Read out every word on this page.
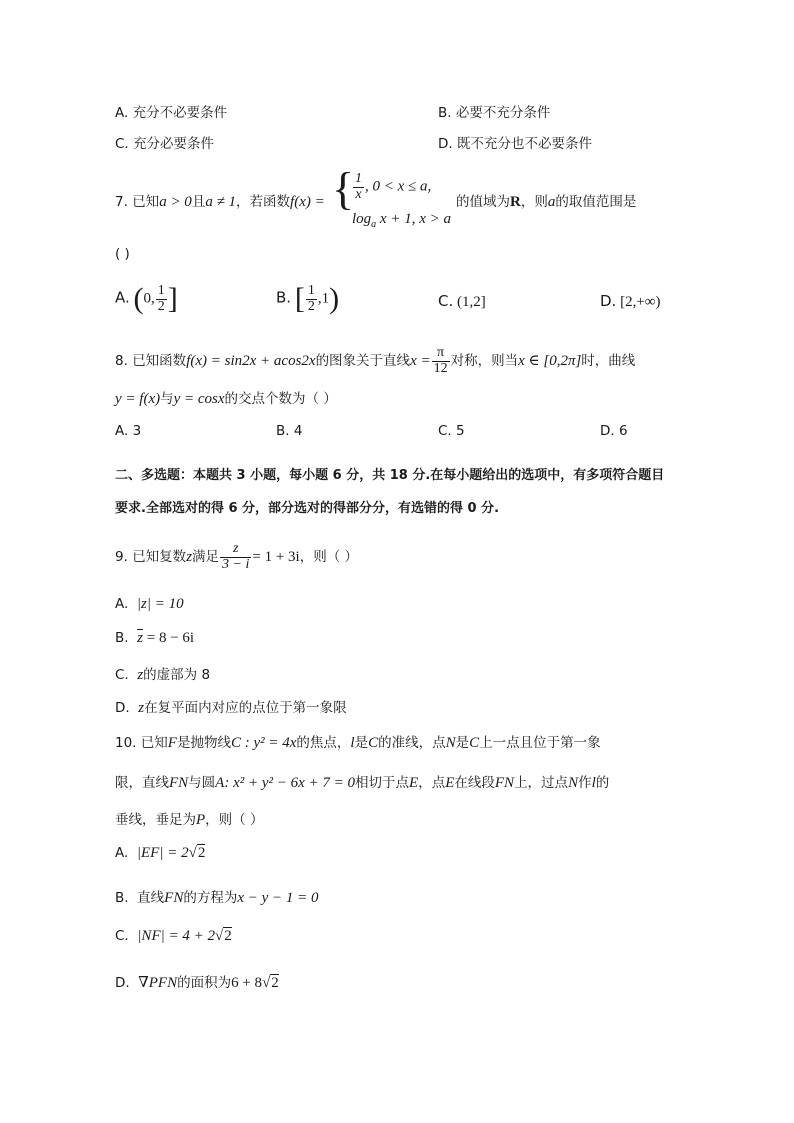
A. 充分不必要条件	B. 必要不充分条件
C. 充分必要条件	D. 既不充分也不必要条件
7. 已知a > 0且a ≠ 1，若函数f(x) = {
$\frac{1}{x}$ , 0 < x ≤ a,
$\log_a x + 1$, x > a
的值域为R，则a的取值范围是
( )
A. (0, $\frac{1}{2}$ ]	B. [ $\frac{1}{2} ,1$)	C. (1,2]	D. [2,+∞)
8. 已知函数f(x) = sin2x + acos2x的图象关于直线$x = \frac{\pi}{12}$ 对称，则当x ∈ [0,2π]时，曲线
y = f(x)与y = cosx的交点个数为（ ）
A. 3	B. 4	C. 5	D. 6
二、多选题：本题共 3 小题，每小题 6 分，共 18 分.在每小题给出的选项中，有多项符合题目
要求.全部选对的得 6 分，部分选对的得部分分，有选错的得 0 分.
9. 已知复数z满足 $\frac{z}{3 - i} = 1 + 3i$，则（ ）
A. |z| = 10
B. $\overline{z} = 8 - 6i$
C. z的虚部为 8
D. z在复平面内对应的点位于第一象限
10. 已知F是抛物线C : y² = 4x的焦点，l是C的准线，点N是C上一点且位于第一象
限，直线FN与圆A: x² + y² − 6x + 7 = 0相切于点E，点E在线段FN上，过点N作l的
垂线，垂足为P，则（ ）
A. |EF| = 2√2
B. 直线FN的方程为x − y − 1 = 0
C. |NF| = 4 + 2√2
D. ∇PFN的面积为6 + 8√2
